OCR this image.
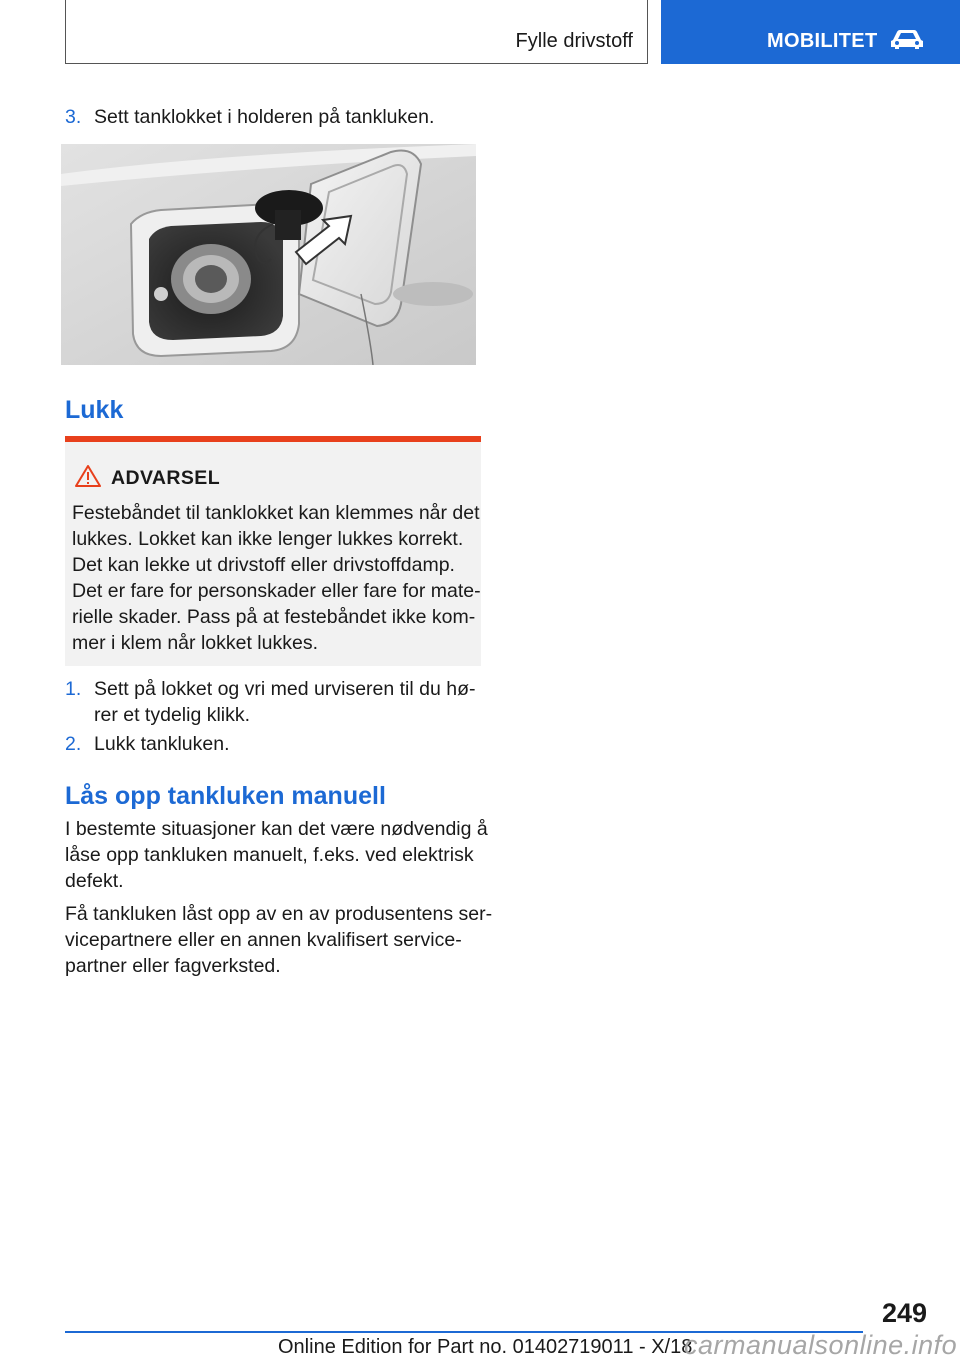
Fylle drivstoff	MOBILITET
3. Sett tanklokket i holderen på tankluken.
Lukk
ADVARSEL
Festebåndet til tanklokket kan klemmes når det
lukkes. Lokket kan ikke lenger lukkes korrekt.
Det kan lekke ut drivstoff eller drivstoffdamp.
Det er fare for personskader eller fare for mate‐
rielle skader. Pass på at festebåndet ikke kom‐
mer i klem når lokket lukkes.
1. Sett på lokket og vri med urviseren til du hø‐
rer et tydelig klikk.
2. Lukk tankluken.
Lås opp tankluken manuell
I bestemte situasjoner kan det være nødvendig å
låse opp tankluken manuelt, f.eks. ved elektrisk
defekt.
Få tankluken låst opp av en av produsentens ser‐
vicepartnere eller en annen kvalifisert service‐
partner eller fagverksted.
249
Online Edition for Part no. 01402719011 - X/18
carmanualsonline.info
